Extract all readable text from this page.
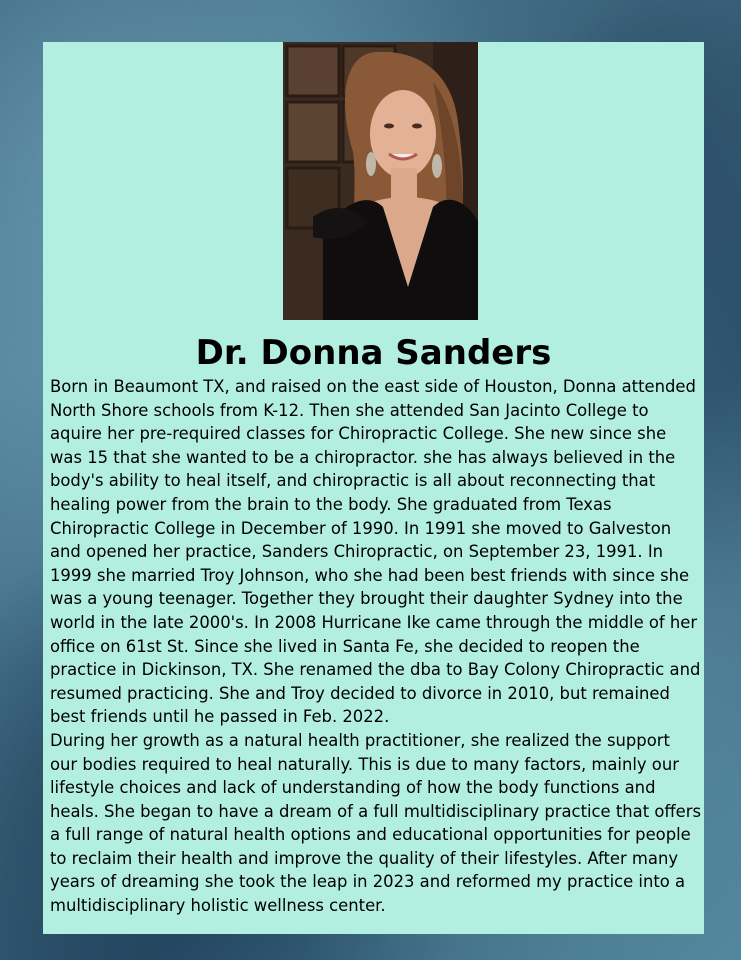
Dr. Donna Sanders

Born in Beaumont TX, and raised on the east side of Houston, Donna attended North Shore schools from K-12. Then she attended San Jacinto College to aquire her pre-required classes for Chiropractic College. She new since she was 15 that she wanted to be a chiropractor. she has always believed in the body's ability to heal itself, and chiropractic is all about reconnecting that healing power from the brain to the body. She graduated from Texas Chiropractic College in December of 1990. In 1991 she moved to Galveston and opened her practice, Sanders Chiropractic, on September 23, 1991. In 1999 she married Troy Johnson, who she had been best friends with since she was a young teenager. Together they brought their daughter Sydney into the world in the late 2000's. In 2008 Hurricane Ike came through the middle of her office on 61st St. Since she lived in Santa Fe, she decided to reopen the practice in Dickinson, TX. She renamed the dba to Bay Colony Chiropractic and resumed practicing. She and Troy decided to divorce in 2010, but remained best friends until he passed in Feb. 2022.

During her growth as a natural health practitioner, she realized the support our bodies required to heal naturally. This is due to many factors, mainly our lifestyle choices and lack of understanding of how the body functions and heals. She began to have a dream of a full multidisciplinary practice that offers a full range of natural health options and educational opportunities for people to reclaim their health and improve the quality of their lifestyles. After many years of dreaming she took the leap in 2023 and reformed my practice into a multidisciplinary holistic wellness center.
